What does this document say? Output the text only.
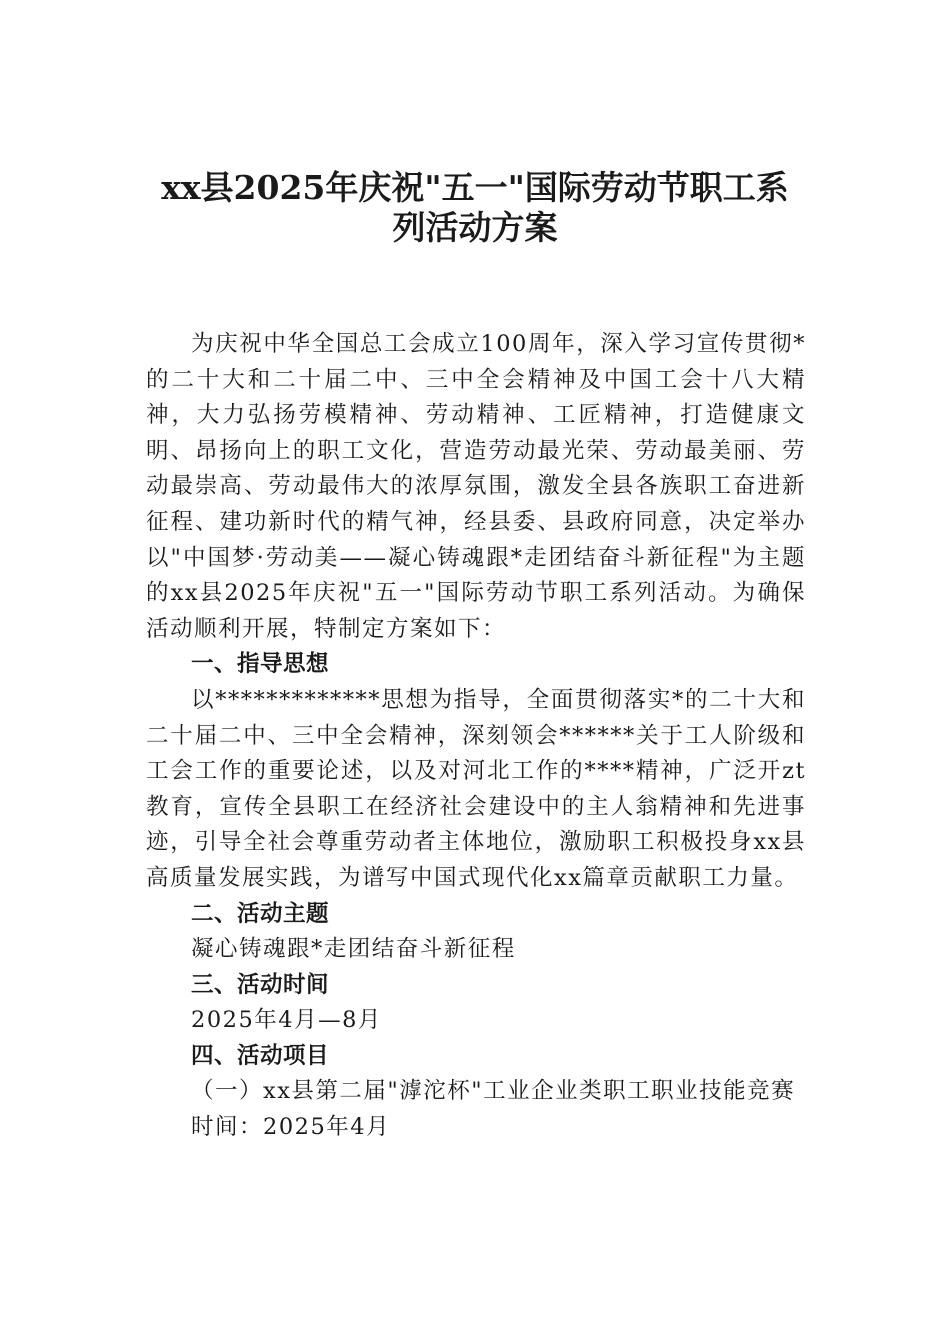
xx县2025年庆祝"五一"国际劳动节职工系
列活动方案

为庆祝中华全国总工会成立100周年，深入学习宣传贯彻*的二十大和二十届二中、三中全会精神及中国工会十八大精神，大力弘扬劳模精神、劳动精神、工匠精神，打造健康文明、昂扬向上的职工文化，营造劳动最光荣、劳动最美丽、劳动最崇高、劳动最伟大的浓厚氛围，激发全县各族职工奋进新征程、建功新时代的精气神，经县委、县政府同意，决定举办以"中国梦·劳动美——凝心铸魂跟*走团结奋斗新征程"为主题的xx县2025年庆祝"五一"国际劳动节职工系列活动。为确保活动顺利开展，特制定方案如下：

一、指导思想

以*************思想为指导，全面贯彻落实*的二十大和二十届二中、三中全会精神，深刻领会******关于工人阶级和工会工作的重要论述，以及对河北工作的****精神，广泛开zt教育，宣传全县职工在经济社会建设中的主人翁精神和先进事迹，引导全社会尊重劳动者主体地位，激励职工积极投身xx县高质量发展实践，为谱写中国式现代化xx篇章贡献职工力量。

二、活动主题

凝心铸魂跟*走团结奋斗新征程

三、活动时间

2025年4月—8月

四、活动项目

（一）xx县第二届"滹沱杯"工业企业类职工职业技能竞赛

时间：2025年4月
